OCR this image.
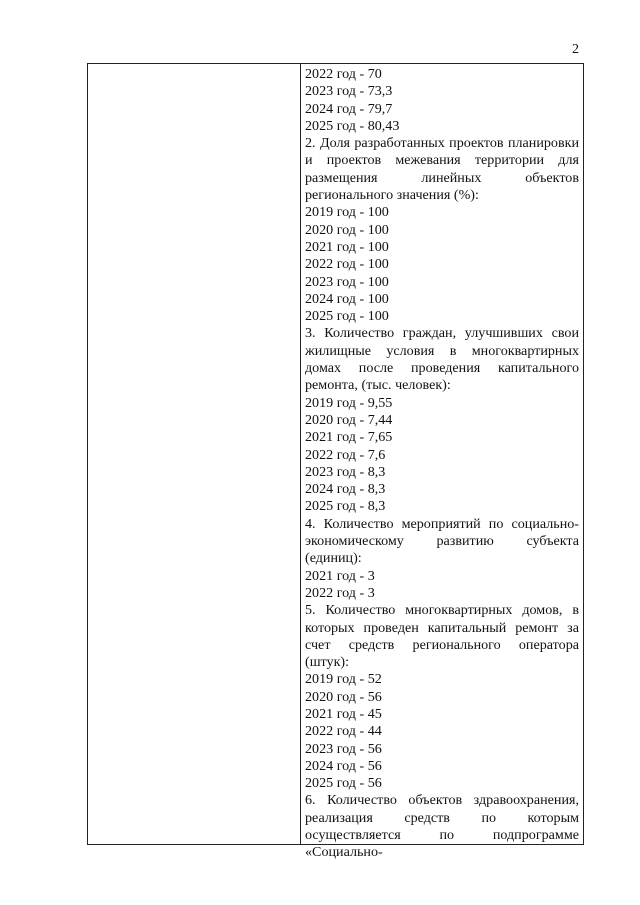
2
2022 год - 70
2023 год - 73,3
2024 год - 79,7
2025 год - 80,43
2. Доля разработанных проектов планировки и проектов межевания территории для размещения линейных объектов регионального значения (%):
2019 год - 100
2020 год - 100
2021 год - 100
2022 год - 100
2023 год - 100
2024 год - 100
2025 год - 100
3. Количество граждан, улучшивших свои жилищные условия в многоквартирных домах после проведения капитального ремонта, (тыс. человек):
2019 год - 9,55
2020 год - 7,44
2021 год - 7,65
2022 год - 7,6
2023 год - 8,3
2024 год - 8,3
2025 год - 8,3
4. Количество мероприятий по социально-экономическому развитию субъекта (единиц):
2021 год - 3
2022 год - 3
5. Количество многоквартирных домов, в которых проведен капитальный ремонт за счет средств регионального оператора (штук):
2019 год - 52
2020 год - 56
2021 год - 45
2022 год - 44
2023 год - 56
2024 год - 56
2025 год - 56
6. Количество объектов здравоохранения, реализация средств по которым осуществляется по подпрограмме «Социально-
